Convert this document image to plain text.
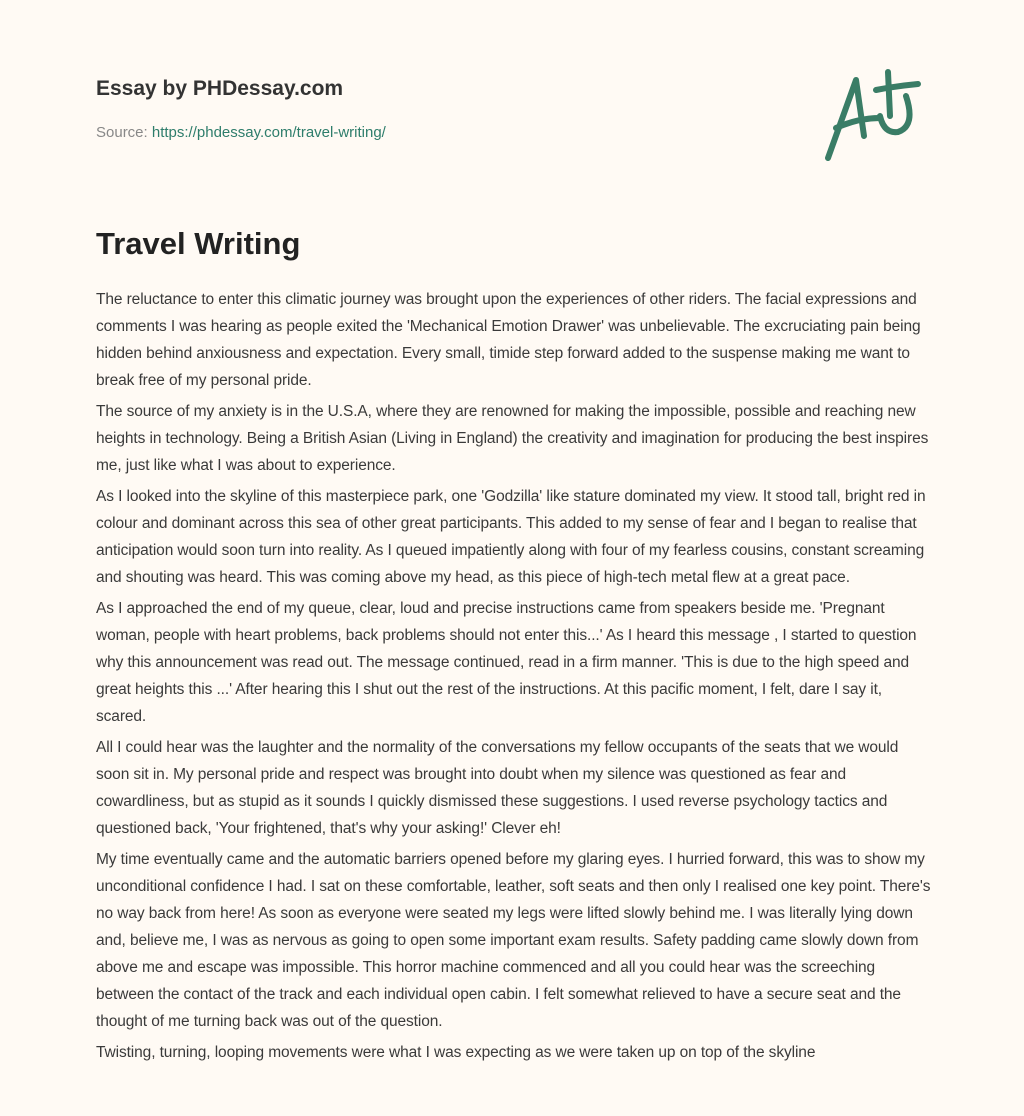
Essay by PHDessay.com

Source: https://phdessay.com/travel-writing/
Travel Writing

The reluctance to enter this climatic journey was brought upon the experiences of other riders. The facial expressions and comments I was hearing as people exited the 'Mechanical Emotion Drawer' was unbelievable. The excruciating pain being hidden behind anxiousness and expectation. Every small, timide step forward added to the suspense making me want to break free of my personal pride.

The source of my anxiety is in the U.S.A, where they are renowned for making the impossible, possible and reaching new heights in technology. Being a British Asian (Living in England) the creativity and imagination for producing the best inspires me, just like what I was about to experience.

As I looked into the skyline of this masterpiece park, one 'Godzilla' like stature dominated my view. It stood tall, bright red in colour and dominant across this sea of other great participants. This added to my sense of fear and I began to realise that anticipation would soon turn into reality. As I queued impatiently along with four of my fearless cousins, constant screaming and shouting was heard. This was coming above my head, as this piece of high-tech metal flew at a great pace.

As I approached the end of my queue, clear, loud and precise instructions came from speakers beside me. 'Pregnant woman, people with heart problems, back problems should not enter this...' As I heard this message , I started to question why this announcement was read out. The message continued, read in a firm manner. 'This is due to the high speed and great heights this ...' After hearing this I shut out the rest of the instructions. At this pacific moment, I felt, dare I say it, scared.

All I could hear was the laughter and the normality of the conversations my fellow occupants of the seats that we would soon sit in. My personal pride and respect was brought into doubt when my silence was questioned as fear and cowardliness, but as stupid as it sounds I quickly dismissed these suggestions. I used reverse psychology tactics and questioned back, 'Your frightened, that's why your asking!' Clever eh!

My time eventually came and the automatic barriers opened before my glaring eyes. I hurried forward, this was to show my unconditional confidence I had. I sat on these comfortable, leather, soft seats and then only I realised one key point. There's no way back from here! As soon as everyone were seated my legs were lifted slowly behind me. I was literally lying down and, believe me, I was as nervous as going to open some important exam results. Safety padding came slowly down from above me and escape was impossible. This horror machine commenced and all you could hear was the screeching between the contact of the track and each individual open cabin. I felt somewhat relieved to have a secure seat and the thought of me turning back was out of the question.

Twisting, turning, looping movements were what I was expecting as we were taken up on top of the skyline
